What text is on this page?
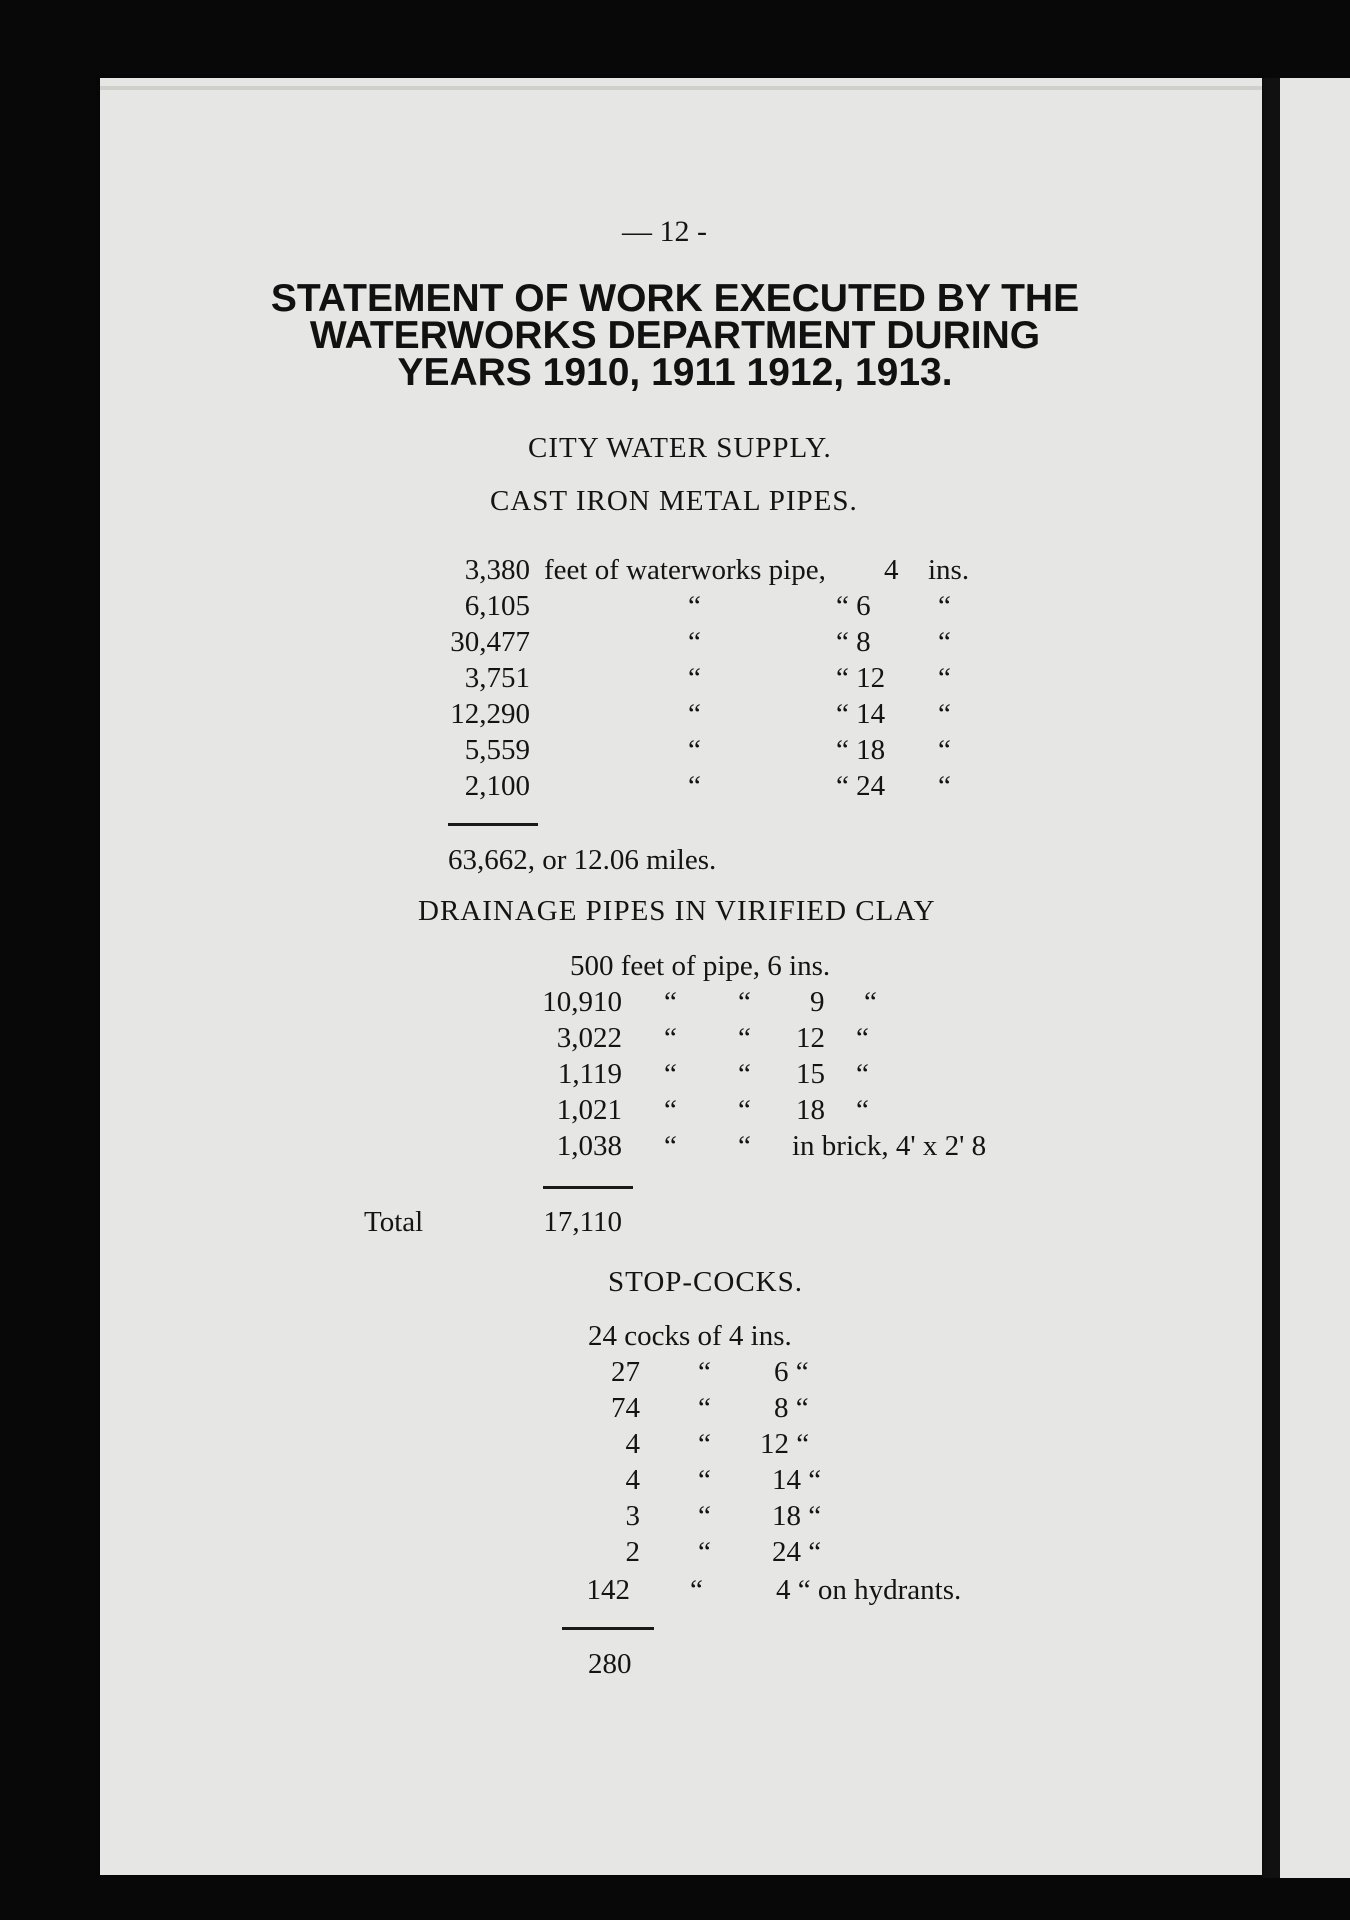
— 12 -
STATEMENT OF WORK EXECUTED BY THE
WATERWORKS DEPARTMENT DURING
YEARS 1910, 1911 1912, 1913.
CITY WATER SUPPLY.
CAST IRON METAL PIPES.
3,380 feet of waterworks pipe, 4 ins.
6,105	“	“ 6 “
30,477	“	“ 8 “
3,751	“	“ 12 “
12,290	“	“ 14 “
5,559	“	“ 18 “
2,100	“	“ 24 “
63,662, or 12.06 miles.
DRAINAGE PIPES IN VIRIFIED CLAY
500 feet of pipe, 6 ins.
10,910 “ “ 9 “
3,022 “ “ 12 “
1,119 “ “ 15 “
1,021 “ “ 18 “
1,038 “ “ in brick, 4' x 2' 8
Total	17,110
STOP-COCKS.
24 cocks of 4 ins.
27 “ 6 “
74 “ 8 “
4 “ 12 “
4 “ 14 “
3 “ 18 “
2 “ 24 “
142 “	4 “ on hydrants.
280
